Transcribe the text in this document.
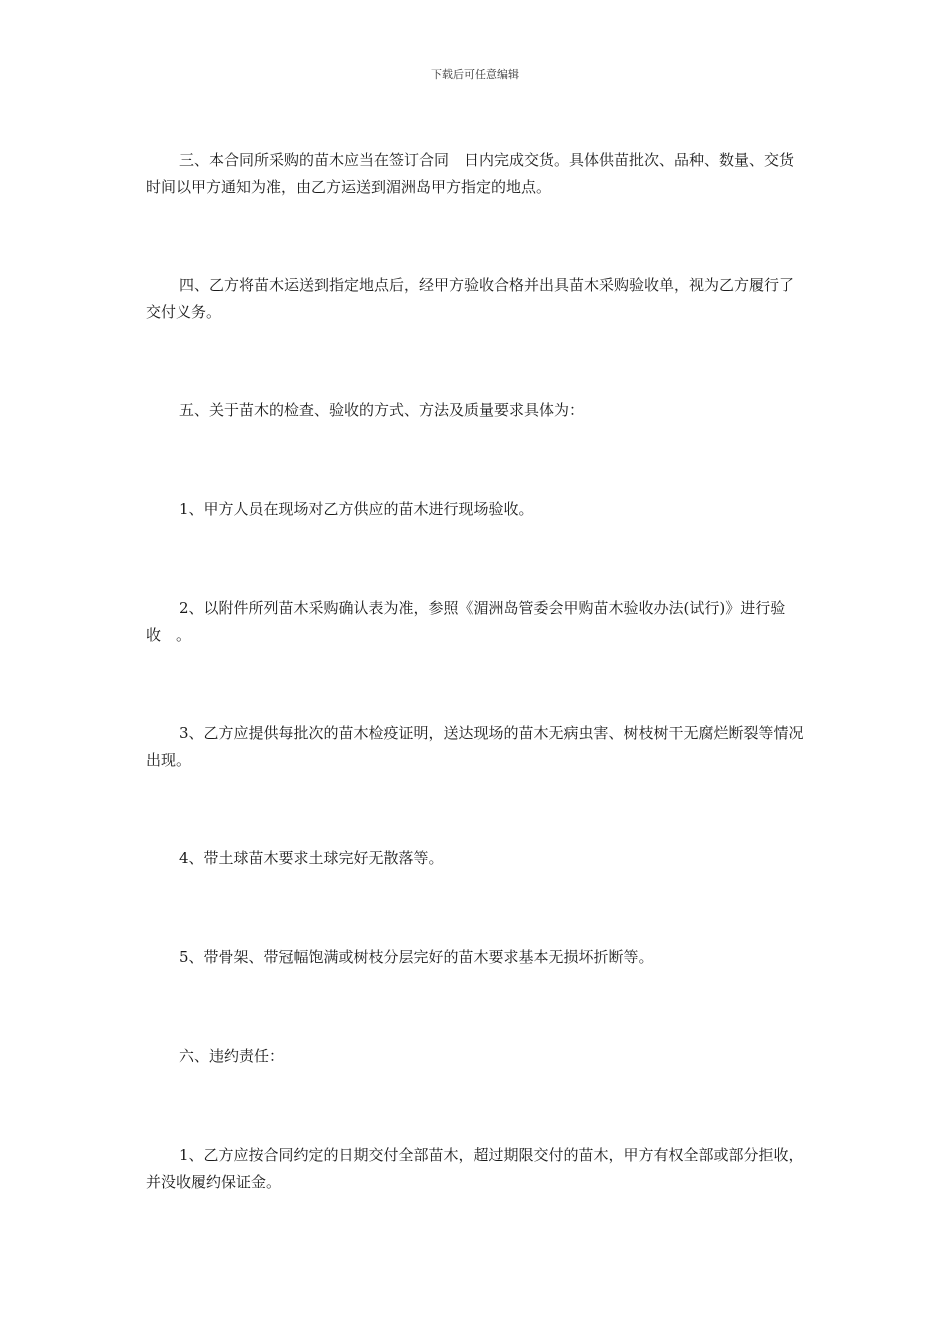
下载后可任意编辑

三、本合同所采购的苗木应当在签订合同　日内完成交货。具体供苗批次、品种、数量、交货时间以甲方通知为准，由乙方运送到湄洲岛甲方指定的地点。

四、乙方将苗木运送到指定地点后，经甲方验收合格并出具苗木采购验收单，视为乙方履行了交付义务。

五、关于苗木的检查、验收的方式、方法及质量要求具体为：

1、甲方人员在现场对乙方供应的苗木进行现场验收。

2、以附件所列苗木采购确认表为准，参照《湄洲岛管委会甲购苗木验收办法(试行)》进行验收　。

3、乙方应提供每批次的苗木检疫证明，送达现场的苗木无病虫害、树枝树干无腐烂断裂等情况出现。

4、带土球苗木要求土球完好无散落等。

5、带骨架、带冠幅饱满或树枝分层完好的苗木要求基本无损坏折断等。

六、违约责任：

1、乙方应按合同约定的日期交付全部苗木，超过期限交付的苗木，甲方有权全部或部分拒收，并没收履约保证金。
